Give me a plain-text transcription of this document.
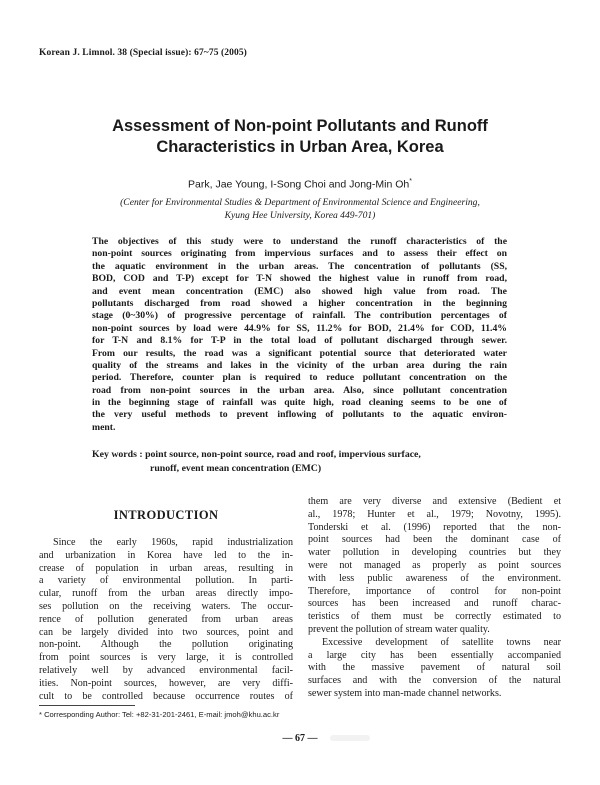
Korean J. Limnol. 38 (Special issue): 67~75 (2005)
Assessment of Non-point Pollutants and Runoff
Characteristics in Urban Area, Korea
Park, Jae Young, I-Song Choi and Jong-Min Oh*
(Center for Environmental Studies & Department of Environmental Science and Engineering,
Kyung Hee University, Korea 449-701)
The objectives of this study were to understand the runoff characteristics of the
non-point sources originating from impervious surfaces and to assess their effect on
the aquatic environment in the urban areas. The concentration of pollutants (SS,
BOD, COD and T-P) except for T-N showed the highest value in runoff from road,
and event mean concentration (EMC) also showed high value from road. The
pollutants discharged from road showed a higher concentration in the beginning
stage (0~30%) of progressive percentage of rainfall. The contribution percentages of
non-point sources by load were 44.9% for SS, 11.2% for BOD, 21.4% for COD, 11.4%
for T-N and 8.1% for T-P in the total load of pollutant discharged through sewer.
From our results, the road was a significant potential source that deteriorated water
quality of the streams and lakes in the vicinity of the urban area during the rain
period. Therefore, counter plan is required to reduce pollutant concentration on the
road from non-point sources in the urban area. Also, since pollutant concentration
in the beginning stage of rainfall was quite high, road cleaning seems to be one of
the very useful methods to prevent inflowing of pollutants to the aquatic environ-
ment.
Key words : point source, non-point source, road and roof, impervious surface,
runoff, event mean concentration (EMC)
INTRODUCTION
Since the early 1960s, rapid industrialization
and urbanization in Korea have led to the in-
crease of population in urban areas, resulting in
a variety of environmental pollution. In parti-
cular, runoff from the urban areas directly impo-
ses pollution on the receiving waters. The occur-
rence of pollution generated from urban areas
can be largely divided into two sources, point and
non-point. Although the pollution originating
from point sources is very large, it is controlled
relatively well by advanced environmental facil-
ities. Non-point sources, however, are very diffi-
cult to be controlled because occurrence routes of
them are very diverse and extensive (Bedient et
al., 1978; Hunter et al., 1979; Novotny, 1995).
Tonderski et al. (1996) reported that the non-
point sources had been the dominant case of
water pollution in developing countries but they
were not managed as properly as point sources
with less public awareness of the environment.
Therefore, importance of control for non-point
sources has been increased and runoff charac-
teristics of them must be correctly estimated to
prevent the pollution of stream water quality.
Excessive development of satellite towns near
a large city has been essentially accompanied
with the massive pavement of natural soil
surfaces and with the conversion of the natural
sewer system into man-made channel networks.
* Corresponding Author: Tel: +82-31-201-2461, E-mail: jmoh@khu.ac.kr
— 67 —
